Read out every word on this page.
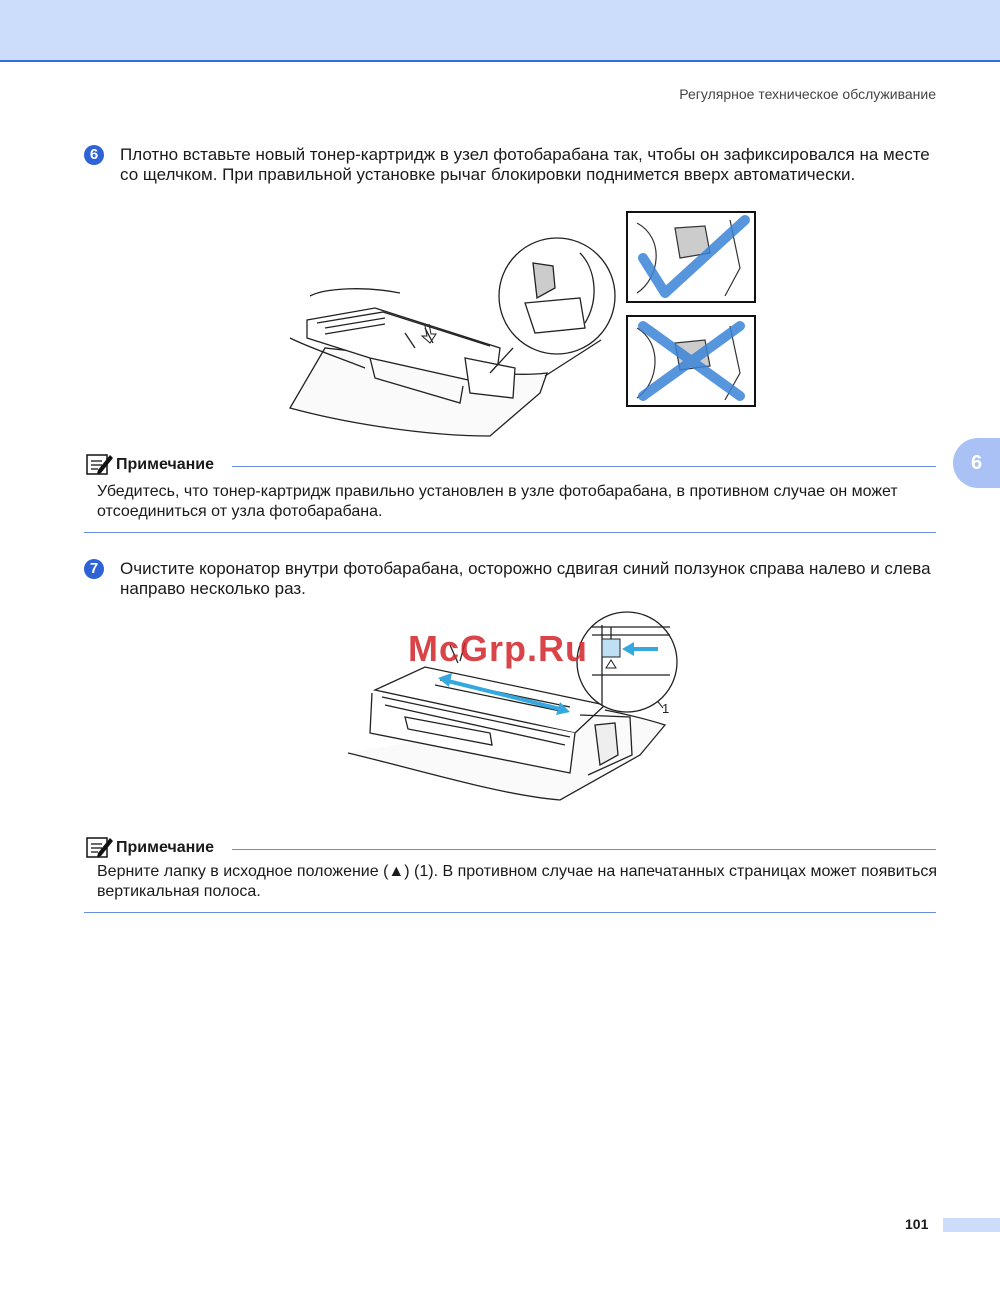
Регулярное техническое обслуживание
6
6	Плотно вставьте новый тонер-картридж в узел фотобарабана так, чтобы он зафиксировался на месте со щелчком. При правильной установке рычаг блокировки поднимется вверх автоматически.
Примечание
Убедитесь, что тонер-картридж правильно установлен в узле фотобарабана, в противном случае он может отсоединиться от узла фотобарабана.
7	Очистите коронатор внутри фотобарабана, осторожно сдвигая синий ползунок справа налево и слева направо несколько раз.
1
McGrp.Ru
Примечание
Верните лапку в исходное положение (▲) (1). В противном случае на напечатанных страницах может появиться вертикальная полоса.
101
